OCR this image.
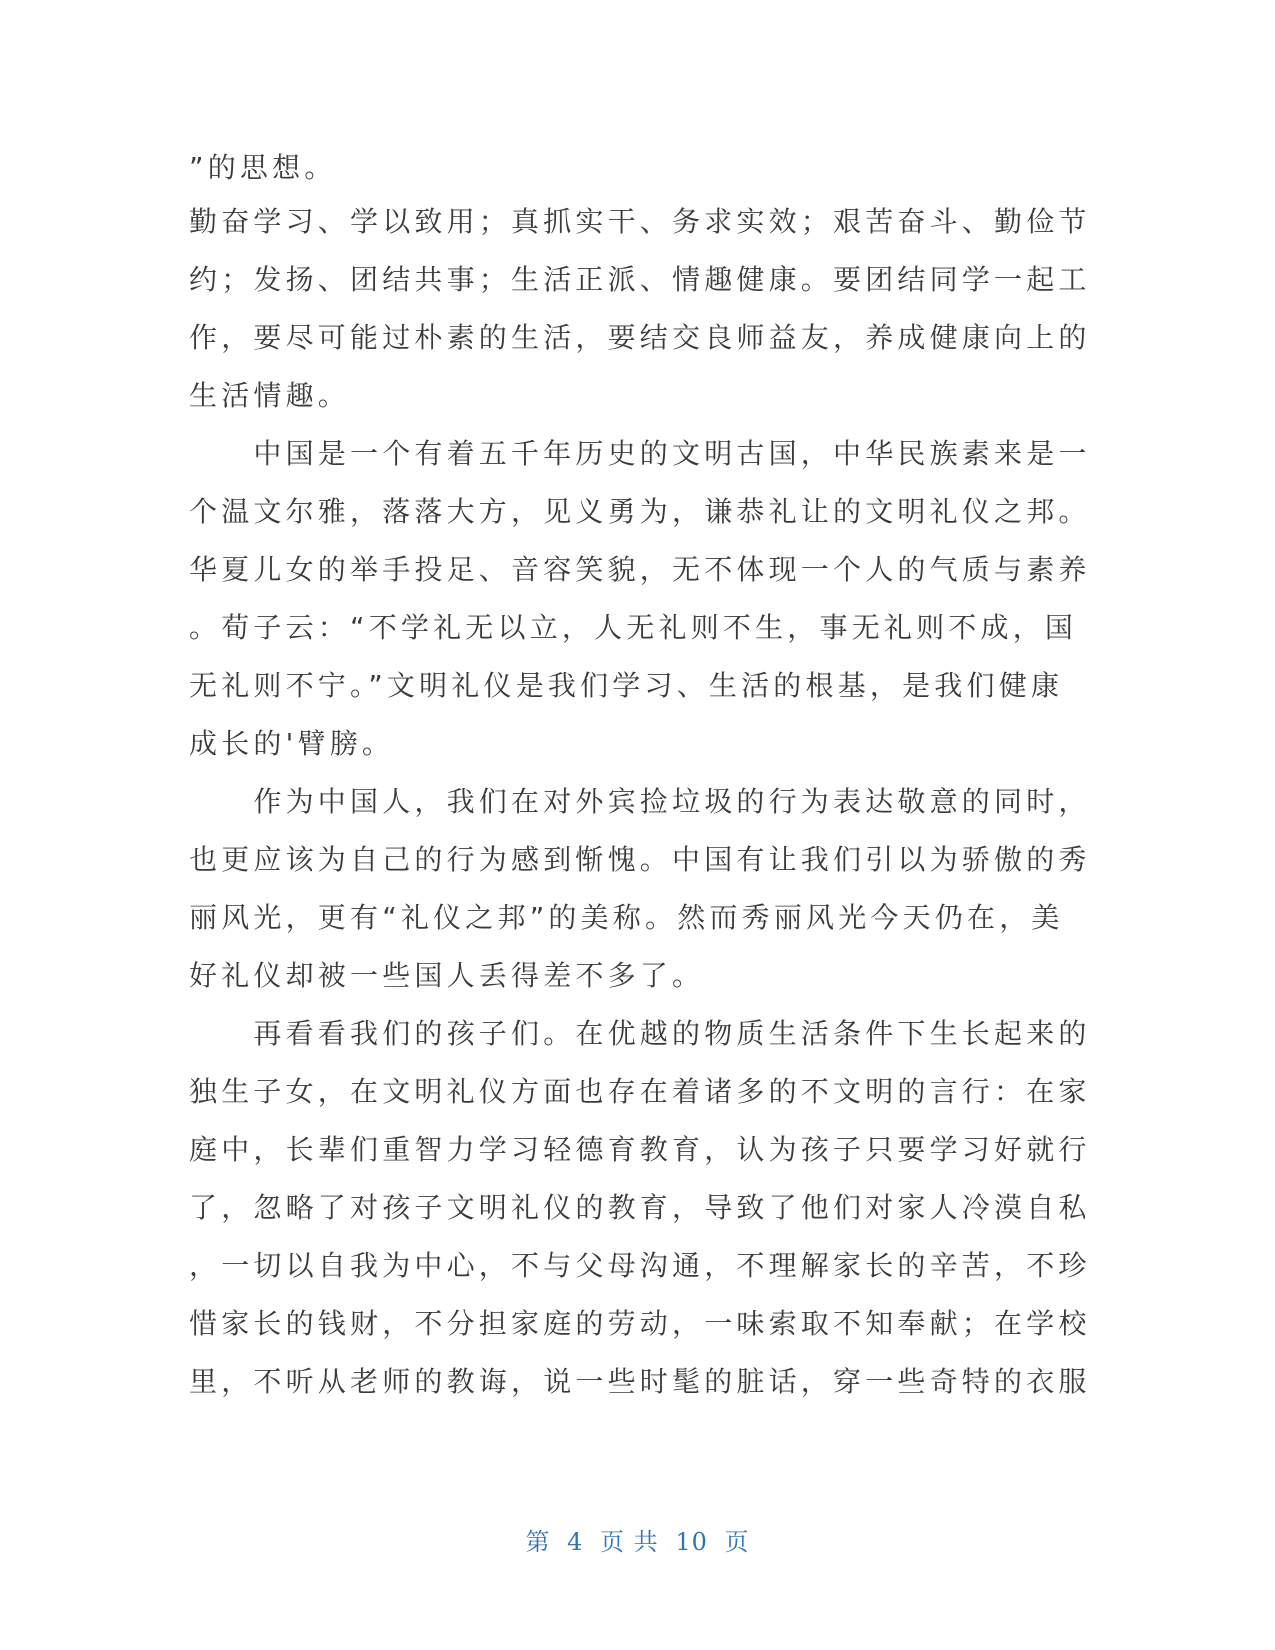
”的思想。

勤奋学习、学以致用；真抓实干、务求实效；艰苦奋斗、勤俭节

约；发扬、团结共事；生活正派、情趣健康。要团结同学一起工

作，要尽可能过朴素的生活，要结交良师益友，养成健康向上的

生活情趣。

　　中国是一个有着五千年历史的文明古国，中华民族素来是一

个温文尔雅，落落大方，见义勇为，谦恭礼让的文明礼仪之邦。

华夏儿女的举手投足、音容笑貌，无不体现一个人的气质与素养

。荀子云：“不学礼无以立，人无礼则不生，事无礼则不成，国

无礼则不宁。”文明礼仪是我们学习、生活的根基，是我们健康

成长的'臂膀。

　　作为中国人，我们在对外宾捡垃圾的行为表达敬意的同时，

也更应该为自己的行为感到惭愧。中国有让我们引以为骄傲的秀

丽风光，更有“礼仪之邦”的美称。然而秀丽风光今天仍在，美

好礼仪却被一些国人丢得差不多了。

　　再看看我们的孩子们。在优越的物质生活条件下生长起来的

独生子女，在文明礼仪方面也存在着诸多的不文明的言行：在家

庭中，长辈们重智力学习轻德育教育，认为孩子只要学习好就行

了，忽略了对孩子文明礼仪的教育，导致了他们对家人冷漠自私

，一切以自我为中心，不与父母沟通，不理解家长的辛苦，不珍

惜家长的钱财，不分担家庭的劳动，一味索取不知奉献；在学校

里，不听从老师的教诲，说一些时髦的脏话，穿一些奇特的衣服

第 4 页 共 10 页
